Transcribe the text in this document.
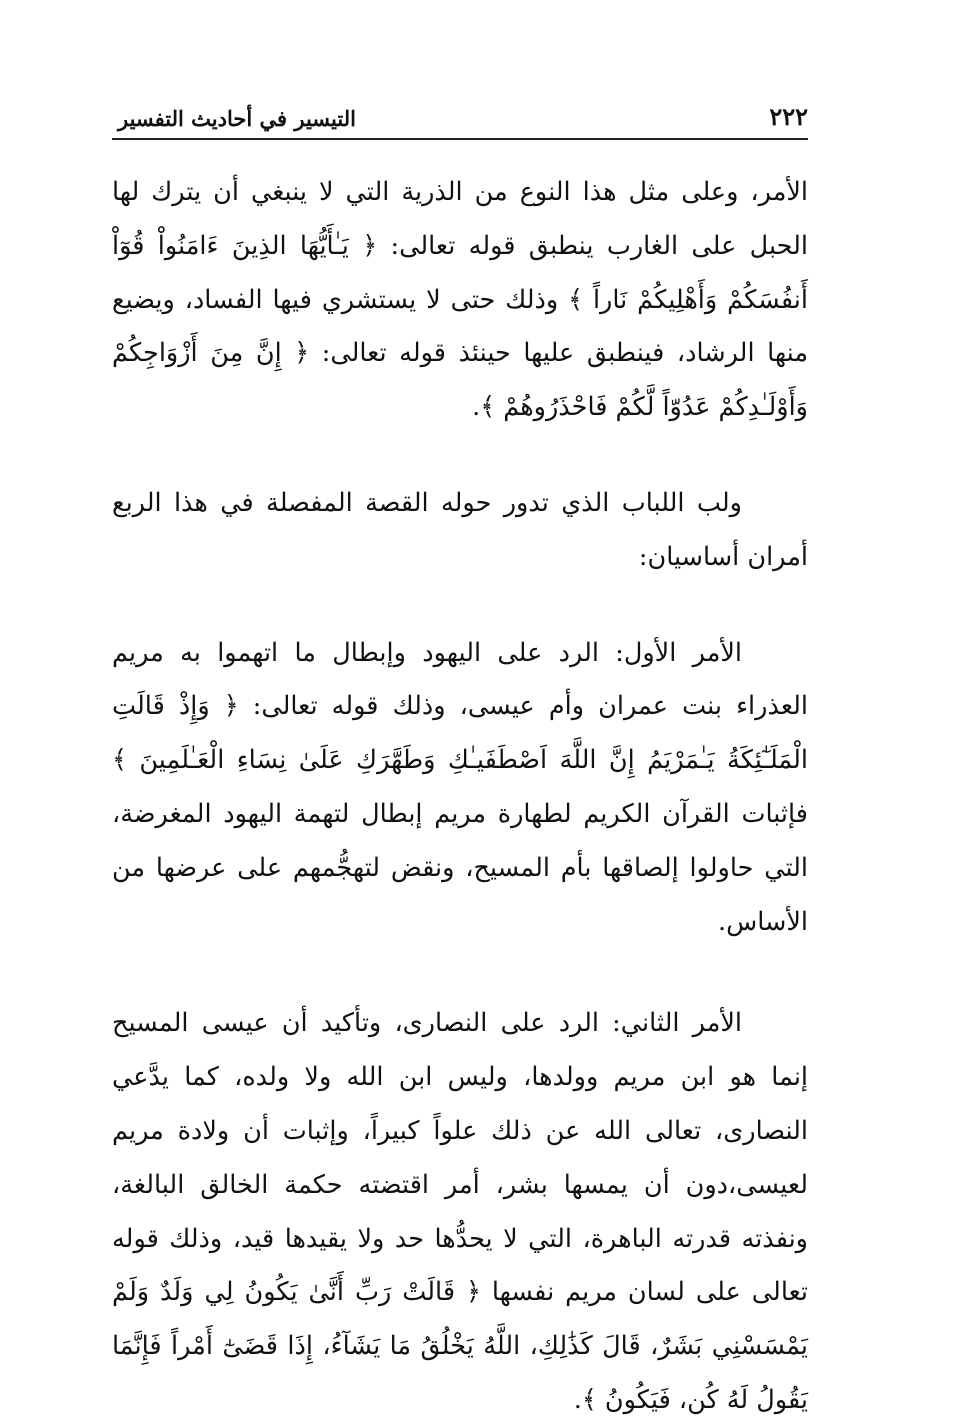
٢٢٢
التيسير في أحاديث التفسير

الأمر، وعلى مثل هذا النوع من الذرية التي لا ينبغي أن يترك لها الحبل على الغارب ينطبق قوله تعالى: ﴿ يَـٰأَيُّهَا الذِينَ ءَامَنُواْ قُوٓاْ أَنفُسَكُمْ وَأَهْلِيكُمْ نَاراً ﴾ وذلك حتى لا يستشري فيها الفساد، ويضيع منها الرشاد، فينطبق عليها حينئذ قوله تعالى: ﴿ إِنَّ مِنَ أَزْوَاجِكُمْ وَأَوْلَـٰدِكُمْ عَدُوّاً لَّكُمْ فَاحْذَرُوهُمْ ﴾.

ولب اللباب الذي تدور حوله القصة المفصلة في هذا الربع أمران أساسيان:

الأمر الأول: الرد على اليهود وإبطال ما اتهموا به مريم العذراء بنت عمران وأم عيسى، وذلك قوله تعالى: ﴿ وَإِذْ قَالَتِ الْمَلَـٰٓئِكَةُ يَـٰمَرْيَمُ إِنَّ اللَّهَ اَصْطَفَيـٰكِ وَطَهَّرَكِ عَلَىٰ نِسَاءِ الْعَـٰلَمِينَ ﴾ فإثبات القرآن الكريم لطهارة مريم إبطال لتهمة اليهود المغرضة، التي حاولوا إلصاقها بأم المسيح، ونقض لتهجُّمهم على عرضها من الأساس.

الأمر الثاني: الرد على النصارى، وتأكيد أن عيسى المسيح إنما هو ابن مريم وولدها، وليس ابن الله ولا ولده، كما يدَّعي النصارى، تعالى الله عن ذلك علواً كبيراً، وإثبات أن ولادة مريم لعيسى،دون أن يمسها بشر، أمر اقتضته حكمة الخالق البالغة، ونفذته قدرته الباهرة، التي لا يحدُّها حد ولا يقيدها قيد، وذلك قوله تعالى على لسان مريم نفسها ﴿ قَالَتْ رَبِّ أَنَّىٰ يَكُونُ لِي وَلَدٌ وَلَمْ يَمْسَسْنِي بَشَرٌ، قَالَ كَذَٰلِكِ، اللَّهُ يَخْلُقُ مَا يَشَآءُ، إِذَا قَضَىٰٓ أَمْراً فَإِنَّمَا يَقُولُ لَهُ كُن، فَيَكُونُ ﴾.
